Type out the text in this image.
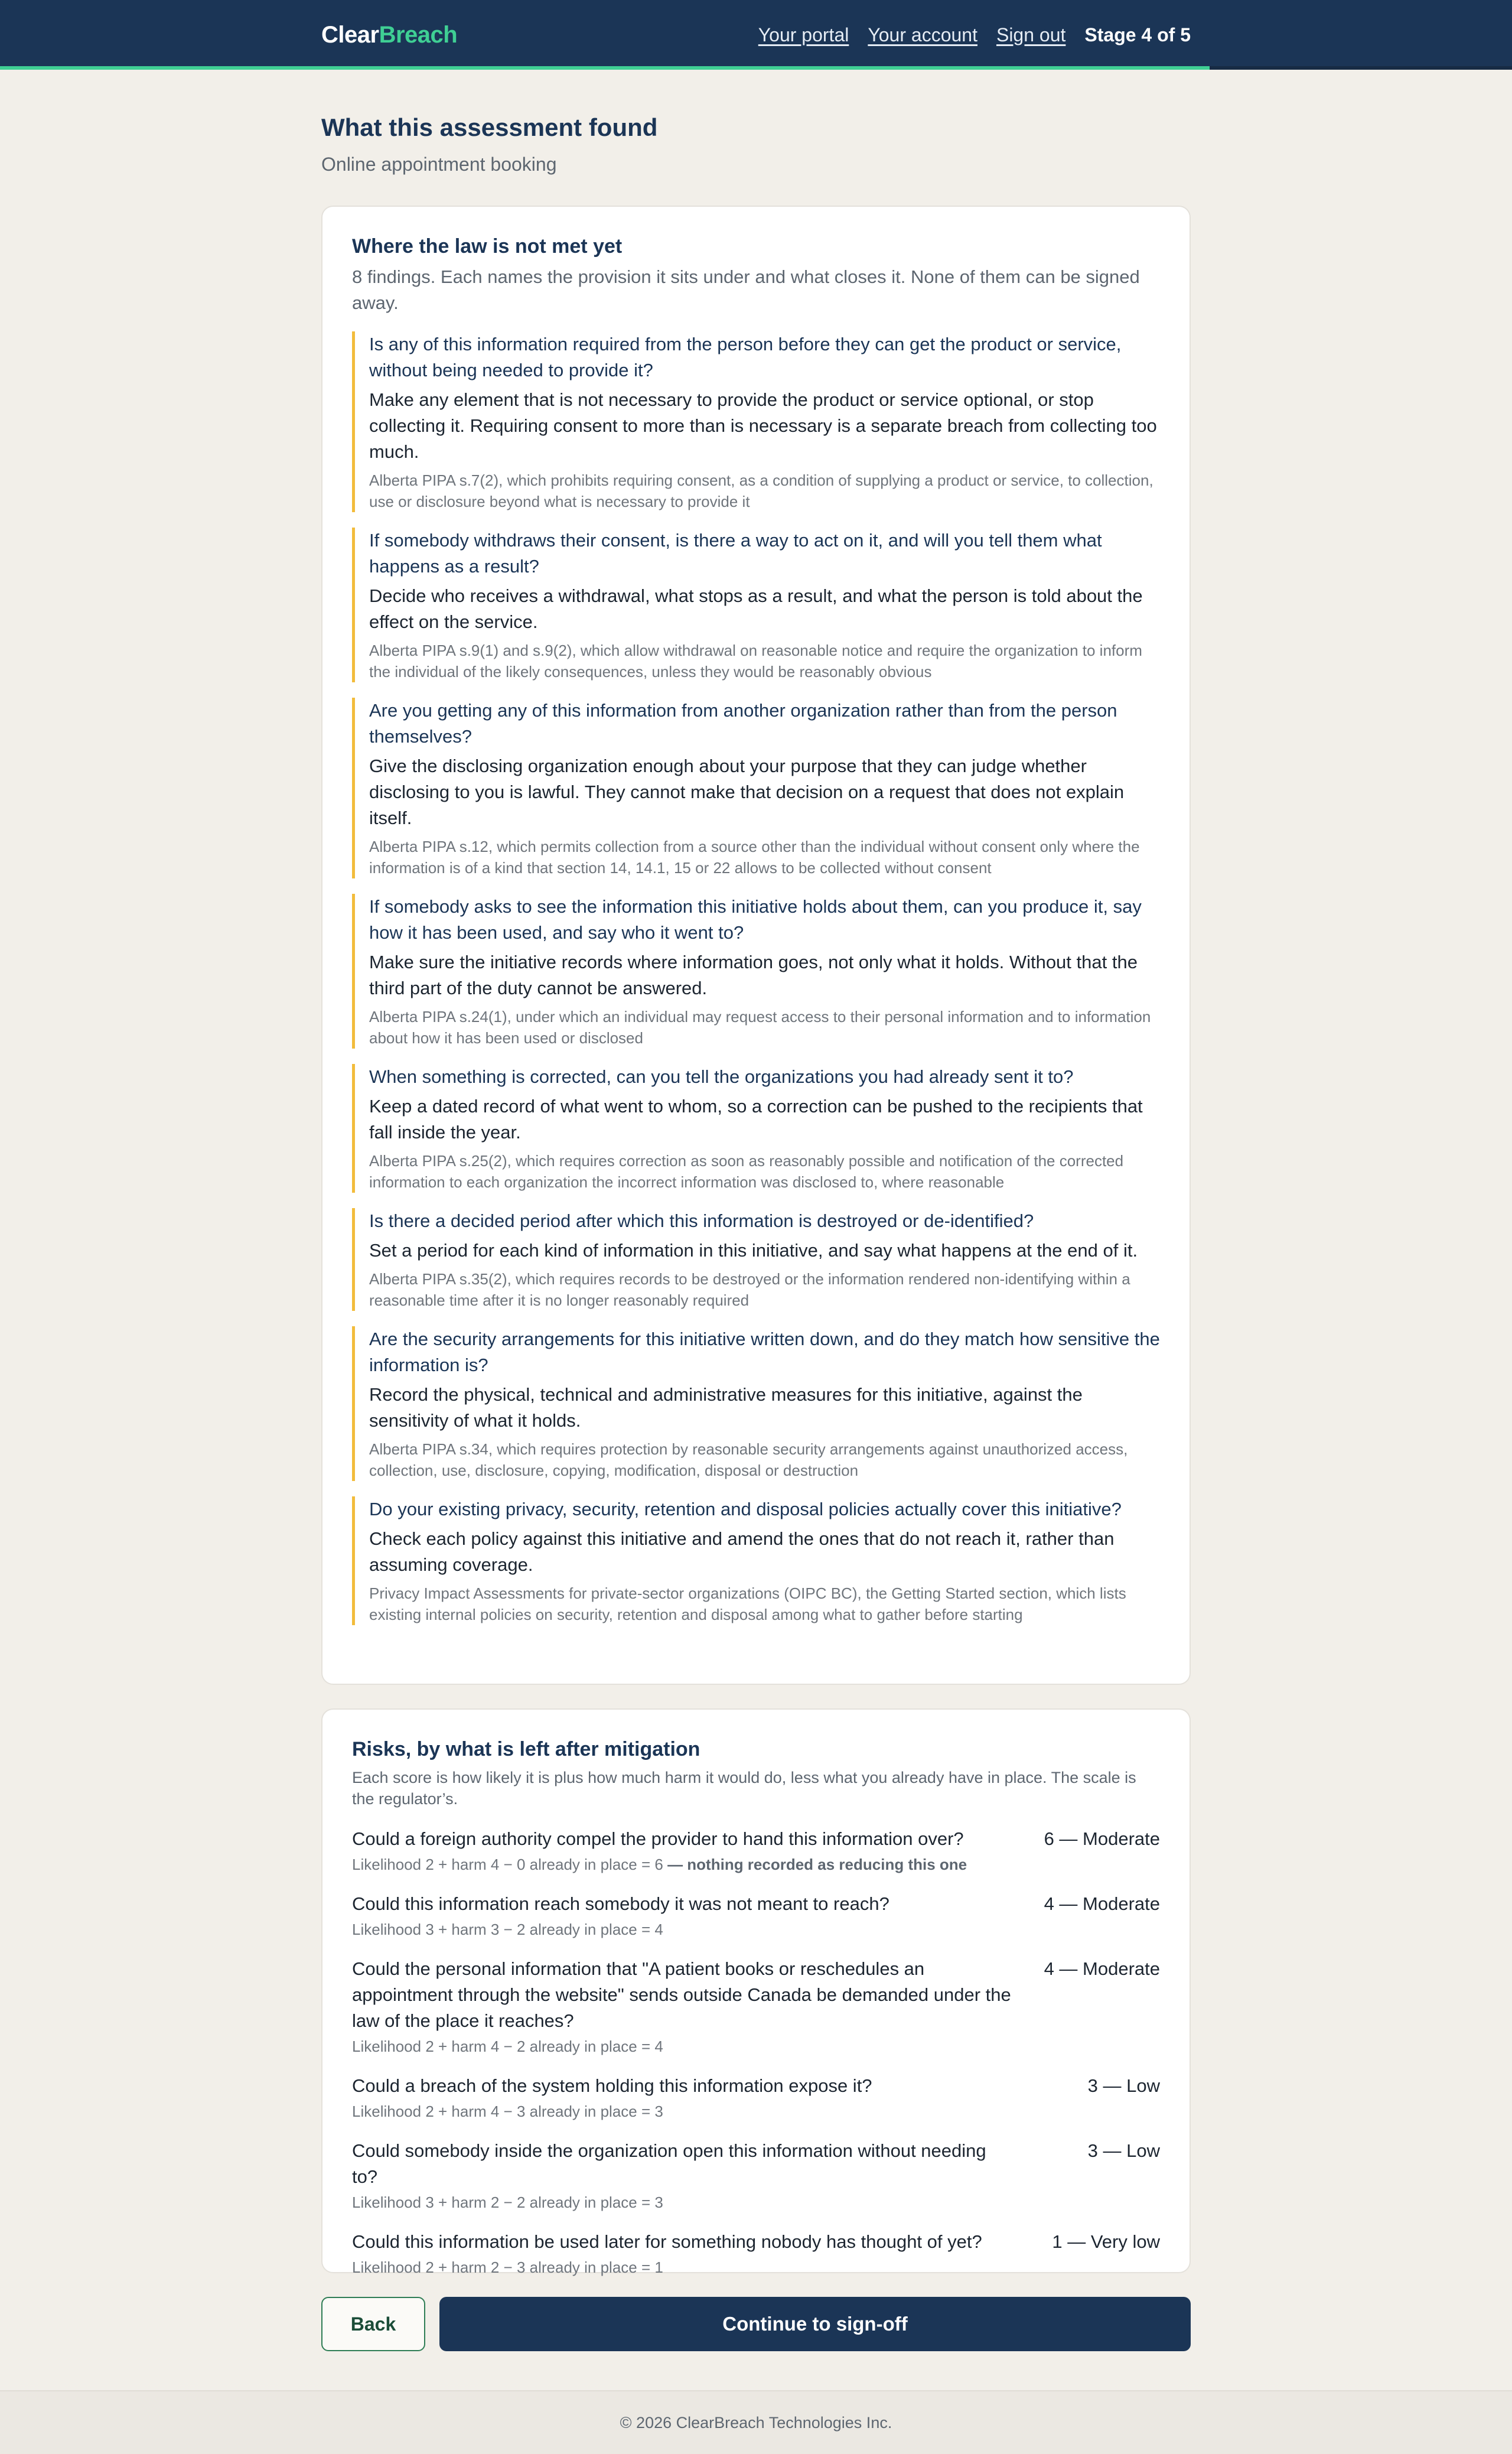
ClearBreach	Your portal Your account Sign out Stage 4 of 5
What this assessment found
Online appointment booking
Where the law is not met yet
8 findings. Each names the provision it sits under and what closes it. None of them can be signed away.
Is any of this information required from the person before they can get the product or service, without being needed to provide it?
Make any element that is not necessary to provide the product or service optional, or stop collecting it. Requiring consent to more than is necessary is a separate breach from collecting too much.
Alberta PIPA s.7(2), which prohibits requiring consent, as a condition of supplying a product or service, to collection, use or disclosure beyond what is necessary to provide it
If somebody withdraws their consent, is there a way to act on it, and will you tell them what happens as a result?
Decide who receives a withdrawal, what stops as a result, and what the person is told about the effect on the service.
Alberta PIPA s.9(1) and s.9(2), which allow withdrawal on reasonable notice and require the organization to inform the individual of the likely consequences, unless they would be reasonably obvious
Are you getting any of this information from another organization rather than from the person themselves?
Give the disclosing organization enough about your purpose that they can judge whether disclosing to you is lawful. They cannot make that decision on a request that does not explain itself.
Alberta PIPA s.12, which permits collection from a source other than the individual without consent only where the information is of a kind that section 14, 14.1, 15 or 22 allows to be collected without consent
If somebody asks to see the information this initiative holds about them, can you produce it, say how it has been used, and say who it went to?
Make sure the initiative records where information goes, not only what it holds. Without that the third part of the duty cannot be answered.
Alberta PIPA s.24(1), under which an individual may request access to their personal information and to information about how it has been used or disclosed
When something is corrected, can you tell the organizations you had already sent it to?
Keep a dated record of what went to whom, so a correction can be pushed to the recipients that fall inside the year.
Alberta PIPA s.25(2), which requires correction as soon as reasonably possible and notification of the corrected information to each organization the incorrect information was disclosed to, where reasonable
Is there a decided period after which this information is destroyed or de-identified?
Set a period for each kind of information in this initiative, and say what happens at the end of it.
Alberta PIPA s.35(2), which requires records to be destroyed or the information rendered non-identifying within a reasonable time after it is no longer reasonably required
Are the security arrangements for this initiative written down, and do they match how sensitive the information is?
Record the physical, technical and administrative measures for this initiative, against the sensitivity of what it holds.
Alberta PIPA s.34, which requires protection by reasonable security arrangements against unauthorized access, collection, use, disclosure, copying, modification, disposal or destruction
Do your existing privacy, security, retention and disposal policies actually cover this initiative?
Check each policy against this initiative and amend the ones that do not reach it, rather than assuming coverage.
Privacy Impact Assessments for private-sector organizations (OIPC BC), the Getting Started section, which lists existing internal policies on security, retention and disposal among what to gather before starting
Risks, by what is left after mitigation
Each score is how likely it is plus how much harm it would do, less what you already have in place. The scale is the regulator’s.
Could a foreign authority compel the provider to hand this information over?	6 — Moderate
Likelihood 2 + harm 4 − 0 already in place = 6 — nothing recorded as reducing this one
Could this information reach somebody it was not meant to reach?	4 — Moderate
Likelihood 3 + harm 3 − 2 already in place = 4
Could the personal information that "A patient books or reschedules an appointment through the website" sends outside Canada be demanded under the law of the place it reaches?
4 — Moderate
Likelihood 2 + harm 4 − 2 already in place = 4
Could a breach of the system holding this information expose it?	3 — Low
Likelihood 2 + harm 4 − 3 already in place = 3
Could somebody inside the organization open this information without needing to?
3 — Low
Likelihood 3 + harm 2 − 2 already in place = 3
Could this information be used later for something nobody has thought of yet?	1 — Very low
Likelihood 2 + harm 2 − 3 already in place = 1
Back	Continue to sign-off
© 2026 ClearBreach Technologies Inc.
